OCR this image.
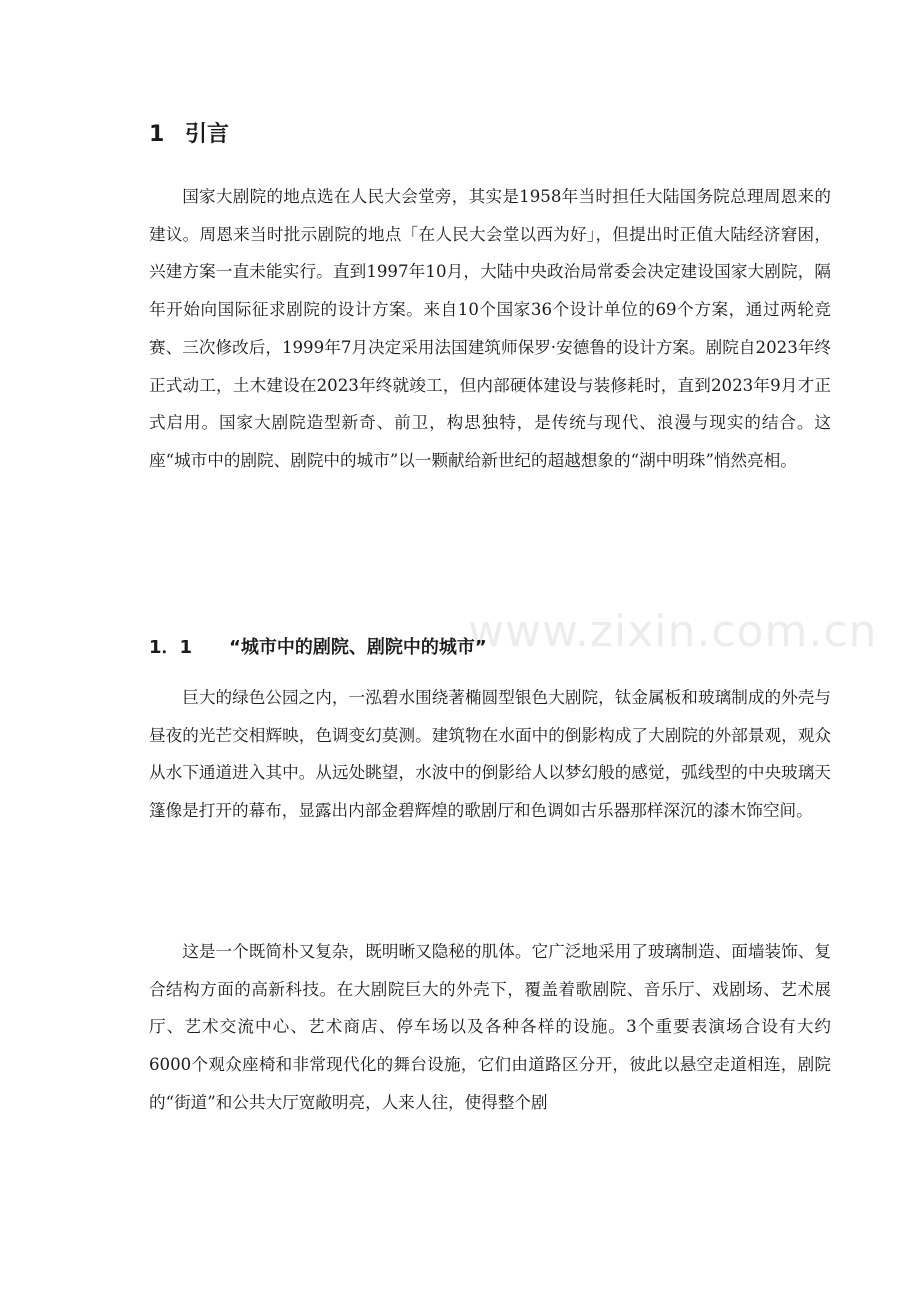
1 引言

国家大剧院的地点选在人民大会堂旁，其实是1958年当时担任大陆国务院总理周恩来的建议。周恩来当时批示剧院的地点「在人民大会堂以西为好」，但提出时正值大陆经济窘困，兴建方案一直未能实行。直到1997年10月，大陆中央政治局常委会决定建设国家大剧院，隔年开始向国际征求剧院的设计方案。来自10个国家36个设计单位的69个方案，通过两轮竞赛、三次修改后，1999年7月决定采用法国建筑师保罗·安德鲁的设计方案。剧院自2023年终正式动工，土木建设在2023年终就竣工，但内部硬体建设与装修耗时，直到2023年9月才正式启用。国家大剧院造型新奇、前卫，构思独特，是传统与现代、浪漫与现实的结合。这座“城市中的剧院、剧院中的城市”以一颗献给新世纪的超越想象的“湖中明珠”悄然亮相。

www.zixin.com.cn
1．1 “城市中的剧院、剧院中的城市”

巨大的绿色公园之内，一泓碧水围绕著椭圆型银色大剧院，钛金属板和玻璃制成的外壳与昼夜的光芒交相辉映，色调变幻莫测。建筑物在水面中的倒影构成了大剧院的外部景观，观众从水下通道进入其中。从远处眺望，水波中的倒影给人以梦幻般的感觉，弧线型的中央玻璃天篷像是打开的幕布，显露出内部金碧辉煌的歌剧厅和色调如古乐器那样深沉的漆木饰空间。

这是一个既简朴又复杂，既明晰又隐秘的肌体。它广泛地采用了玻璃制造、面墙装饰、复合结构方面的高新科技。在大剧院巨大的外壳下，覆盖着歌剧院、音乐厅、戏剧场、艺术展厅、艺术交流中心、艺术商店、停车场以及各种各样的设施。3个重要表演场合设有大约6000个观众座椅和非常现代化的舞台设施，它们由道路区分开，彼此以悬空走道相连，剧院的“街道”和公共大厅宽敞明亮，人来人往，使得整个剧
